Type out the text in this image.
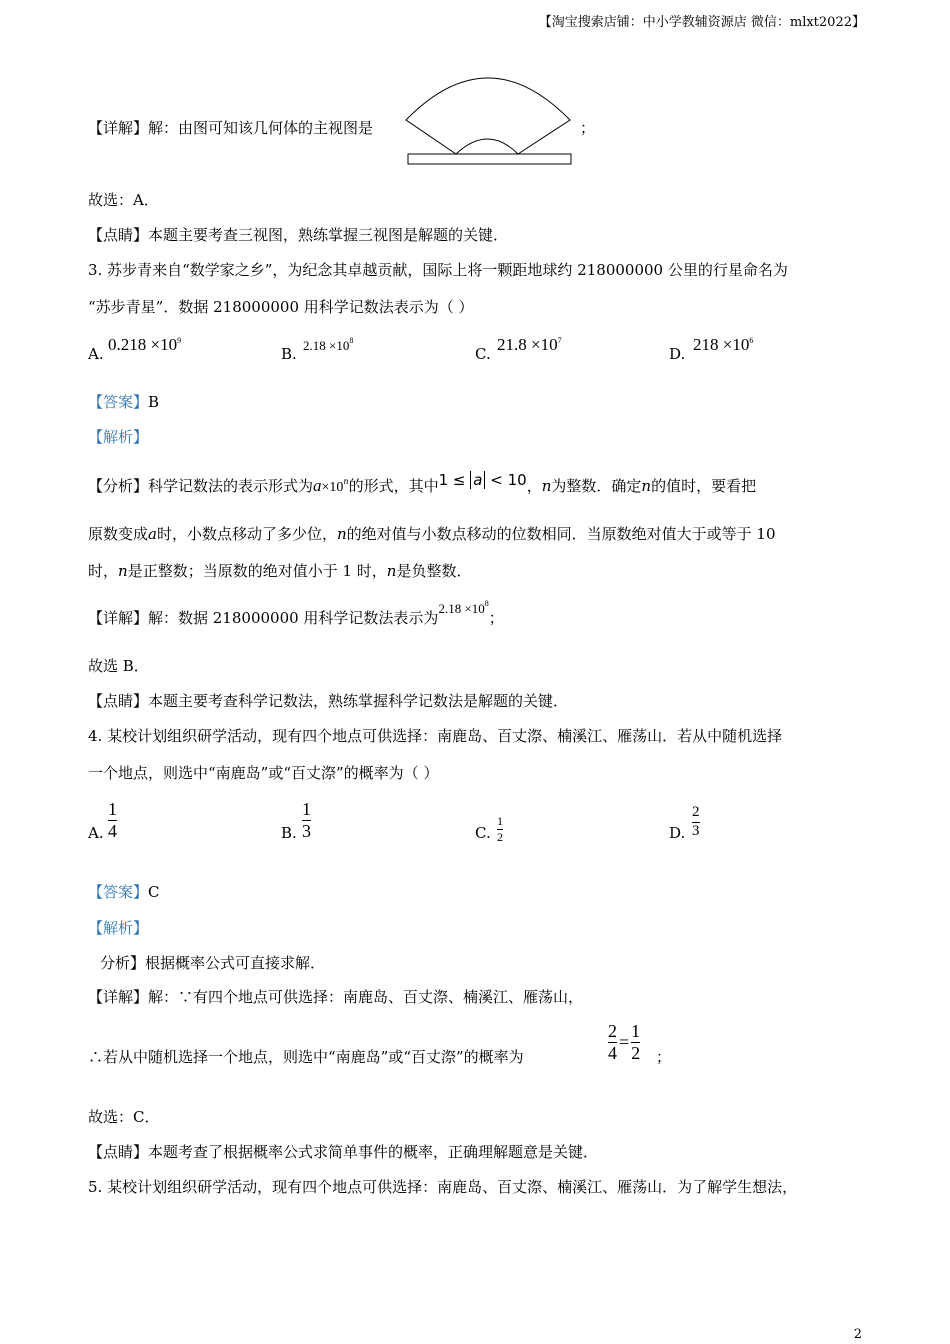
【淘宝搜索店铺：中小学教辅资源店 微信：mlxt2022】
【详解】解：由图可知该几何体的主视图是	；
故选：A．
【点睛】本题主要考查三视图，熟练掌握三视图是解题的关键．
3. 苏步青来自“数学家之乡”，为纪念其卓越贡献，国际上将一颗距地球约 218000000 公里的行星命名为
“苏步青星”．数据 218000000 用科学记数法表示为（ ）
A. $0.218 \times 10^9$
B. $2.18 \times 10^8$
C. $21.8 \times 10^7$
D. $218 \times 10^6$
【答案】B
【解析】
【分析】科学记数法的表示形式为$a\times 10^n$的形式，其中1 ≤ a < 10，n为整数．确定n的值时，要看把
原数变成a时，小数点移动了多少位，n的绝对值与小数点移动的位数相同．当原数绝对值大于或等于 10
时，n是正整数；当原数的绝对值小于 1 时，n是负整数．
【详解】解：数据 218000000 用科学记数法表示为$2.18 \times 10^8$；
故选 B．
【点睛】本题主要考查科学记数法，熟练掌握科学记数法是解题的关键．
4. 某校计划组织研学活动，现有四个地点可供选择：南鹿岛、百丈漈、楠溪江、雁荡山．若从中随机选择
一个地点，则选中“南鹿岛”或“百丈漈”的概率为（ ）
A. $\frac{1}{4}$	B. $\frac{1}{3}$	C. $\frac{1}{2}$	D. $\frac{2}{3}$
【答案】C
【解析】
分析】根据概率公式可直接求解．
【详解】解：∵有四个地点可供选择：南鹿岛、百丈漈、楠溪江、雁荡山，
∴若从中随机选择一个地点，则选中“南鹿岛”或“百丈漈”的概率为	$\frac{2}{4} = \frac{1}{2}$ ；
故选：C．
【点睛】本题考查了根据概率公式求简单事件的概率，正确理解题意是关键．
5. 某校计划组织研学活动，现有四个地点可供选择：南鹿岛、百丈漈、楠溪江、雁荡山．为了解学生想法，
2
